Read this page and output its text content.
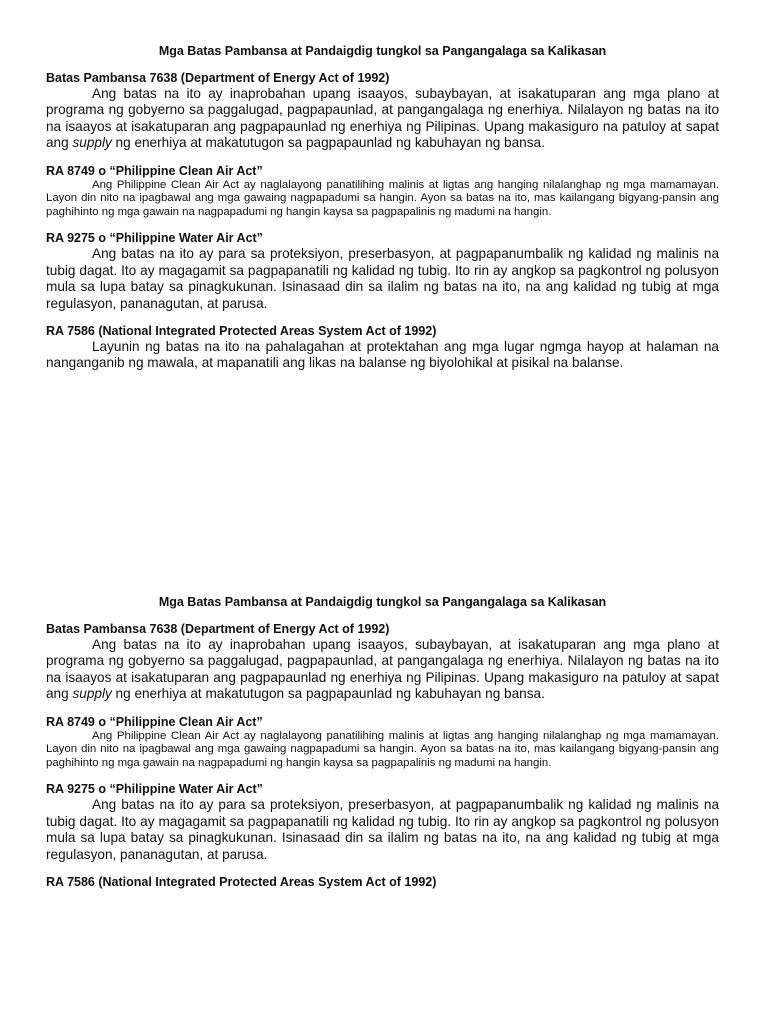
Mga Batas Pambansa at Pandaigdig tungkol sa Pangangalaga sa Kalikasan
Batas Pambansa 7638 (Department of Energy Act of 1992)

Ang batas na ito ay inaprobahan upang isaayos, subaybayan, at isakatuparan ang mga plano at programa ng gobyerno sa paggalugad, pagpapaunlad, at pangangalaga ng enerhiya. Nilalayon ng batas na ito na isaayos at isakatuparan ang pagpapaunlad ng enerhiya ng Pilipinas. Upang makasiguro na patuloy at sapat ang supply ng enerhiya at makatutugon sa pagpapaunlad ng kabuhayan ng bansa.

RA 8749 o “Philippine Clean Air Act”

Ang Philippine Clean Air Act ay naglalayong panatilihing malinis at ligtas ang hanging nilalanghap ng mga mamamayan. Layon din nito na ipagbawal ang mga gawaing nagpapadumi sa hangin. Ayon sa batas na ito, mas kailangang bigyang-pansin ang paghihinto ng mga gawain na nagpapadumi ng hangin kaysa sa pagpapalinis ng madumi na hangin.

RA 9275 o “Philippine Water Air Act”

Ang batas na ito ay para sa proteksiyon, preserbasyon, at pagpapanumbalik ng kalidad ng malinis na tubig dagat. Ito ay magagamit sa pagpapanatili ng kalidad ng tubig. Ito rin ay angkop sa pagkontrol ng polusyon mula sa lupa batay sa pinagkukunan. Isinasaad din sa ilalim ng batas na ito, na ang kalidad ng tubig at mga regulasyon, pananagutan, at parusa.

RA 7586 (National Integrated Protected Areas System Act of 1992)

Layunin ng batas na ito na pahalagahan at protektahan ang mga lugar ngmga hayop at halaman na nanganganib ng mawala, at mapanatili ang likas na balanse ng biyolohikal at pisikal na balanse.

Mga Batas Pambansa at Pandaigdig tungkol sa Pangangalaga sa Kalikasan
Batas Pambansa 7638 (Department of Energy Act of 1992)

Ang batas na ito ay inaprobahan upang isaayos, subaybayan, at isakatuparan ang mga plano at programa ng gobyerno sa paggalugad, pagpapaunlad, at pangangalaga ng enerhiya. Nilalayon ng batas na ito na isaayos at isakatuparan ang pagpapaunlad ng enerhiya ng Pilipinas. Upang makasiguro na patuloy at sapat ang supply ng enerhiya at makatutugon sa pagpapaunlad ng kabuhayan ng bansa.

RA 8749 o “Philippine Clean Air Act”

Ang Philippine Clean Air Act ay naglalayong panatilihing malinis at ligtas ang hanging nilalanghap ng mga mamamayan. Layon din nito na ipagbawal ang mga gawaing nagpapadumi sa hangin. Ayon sa batas na ito, mas kailangang bigyang-pansin ang paghihinto ng mga gawain na nagpapadumi ng hangin kaysa sa pagpapalinis ng madumi na hangin.

RA 9275 o “Philippine Water Air Act”

Ang batas na ito ay para sa proteksiyon, preserbasyon, at pagpapanumbalik ng kalidad ng malinis na tubig dagat. Ito ay magagamit sa pagpapanatili ng kalidad ng tubig. Ito rin ay angkop sa pagkontrol ng polusyon mula sa lupa batay sa pinagkukunan. Isinasaad din sa ilalim ng batas na ito, na ang kalidad ng tubig at mga regulasyon, pananagutan, at parusa.

RA 7586 (National Integrated Protected Areas System Act of 1992)
